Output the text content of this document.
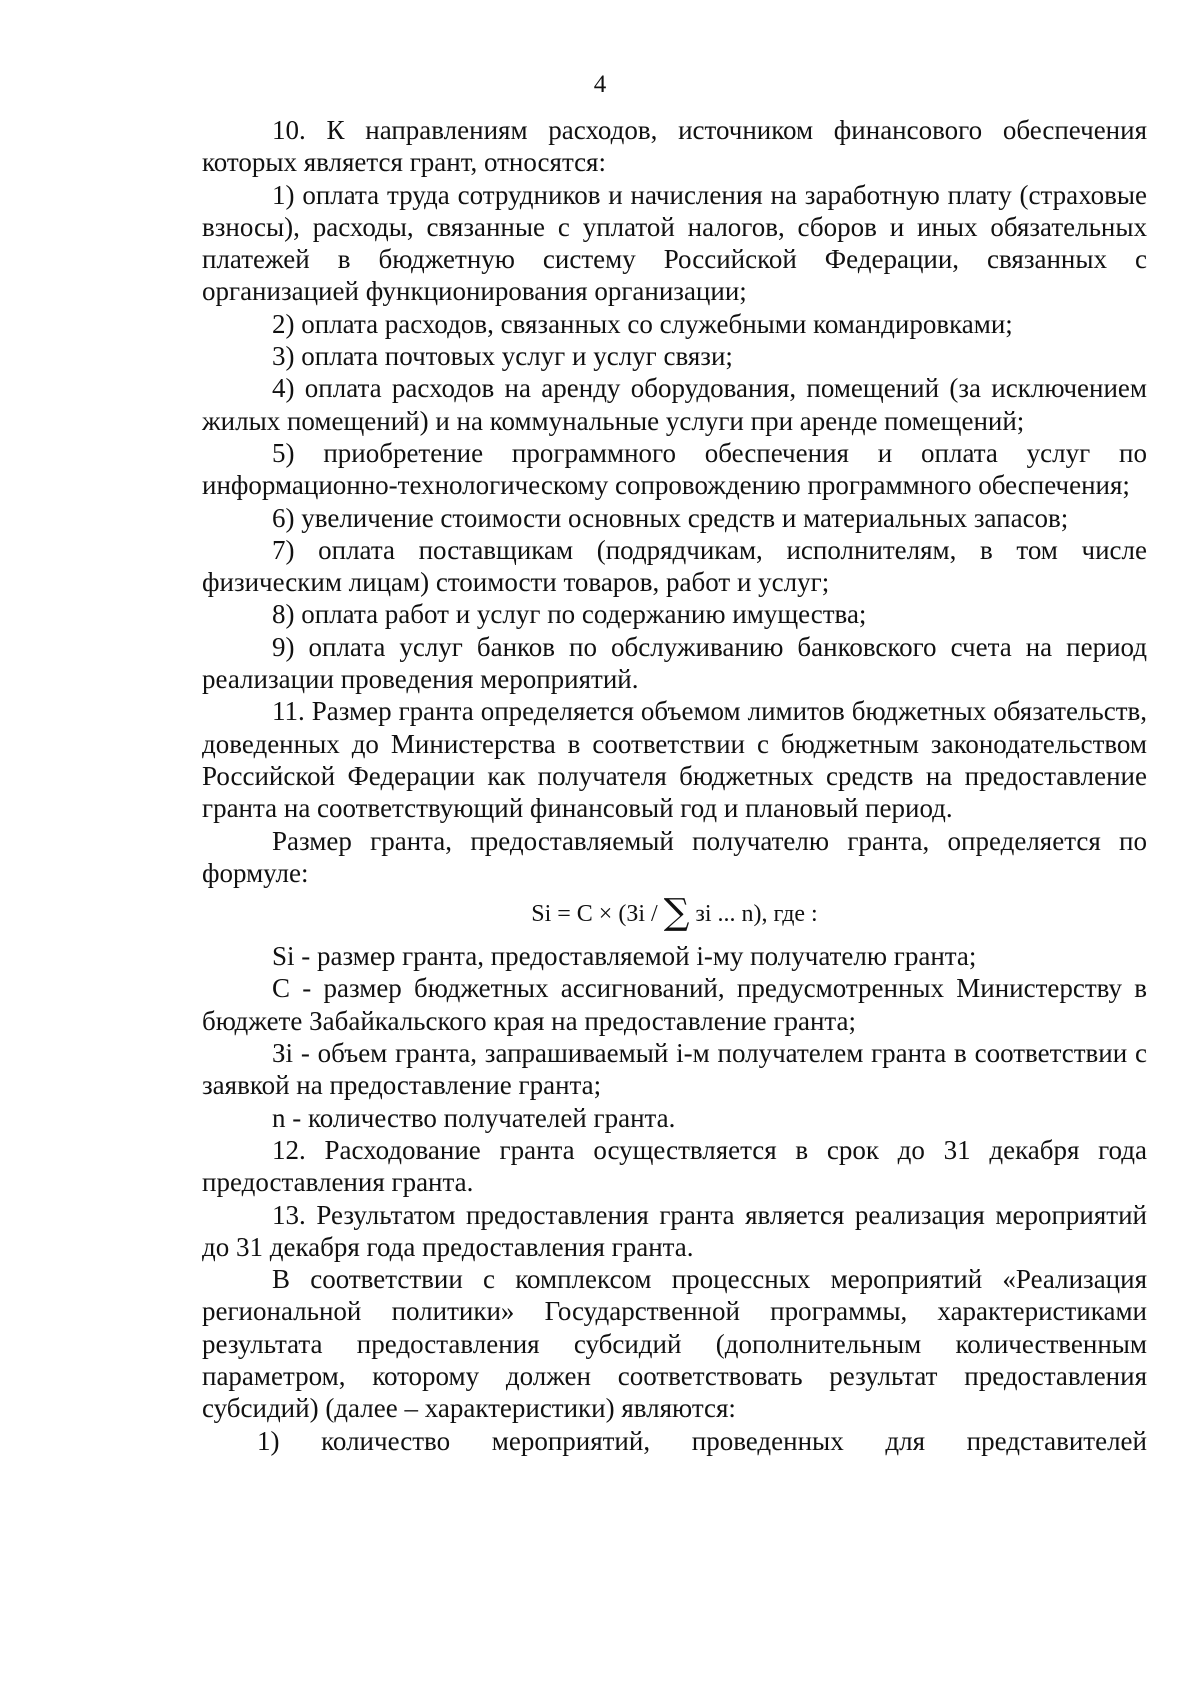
4

10. К направлениям расходов, источником финансового обеспечения которых является грант, относятся:

1) оплата труда сотрудников и начисления на заработную плату (страховые взносы), расходы, связанные с уплатой налогов, сборов и иных обязательных платежей в бюджетную систему Российской Федерации, связанных с организацией функционирования организации;

2) оплата расходов, связанных со служебными командировками;

3) оплата почтовых услуг и услуг связи;

4) оплата расходов на аренду оборудования, помещений (за исключением жилых помещений) и на коммунальные услуги при аренде помещений;

5) приобретение программного обеспечения и оплата услуг по информационно-технологическому сопровождению программного обеспечения;

6) увеличение стоимости основных средств и материальных запасов;

7) оплата поставщикам (подрядчикам, исполнителям, в том числе физическим лицам) стоимости товаров, работ и услуг;

8) оплата работ и услуг по содержанию имущества;

9) оплата услуг банков по обслуживанию банковского счета на период реализации проведения мероприятий.

11. Размер гранта определяется объемом лимитов бюджетных обязательств, доведенных до Министерства в соответствии с бюджетным законодательством Российской Федерации как получателя бюджетных средств на предоставление гранта на соответствующий финансовый год и плановый период.

Размер гранта, предоставляемый получателю гранта, определяется по формуле:

Si = C × (Зi / ∑ зi ... n), где :

Si - размер гранта, предоставляемой i-му получателю гранта;

C - размер бюджетных ассигнований, предусмотренных Министерству в бюджете Забайкальского края на предоставление гранта;

Зi - объем гранта, запрашиваемый i-м получателем гранта в соответствии с заявкой на предоставление гранта;

n - количество получателей гранта.

12. Расходование гранта осуществляется в срок до 31 декабря года предоставления гранта.

13. Результатом предоставления гранта является реализация мероприятий до 31 декабря года предоставления гранта.

В соответствии с комплексом процессных мероприятий «Реализация региональной политики» Государственной программы, характеристиками результата предоставления субсидий (дополнительным количественным параметром, которому должен соответствовать результат предоставления субсидий) (далее – характеристики) являются:

1) количество мероприятий, проведенных для представителей
